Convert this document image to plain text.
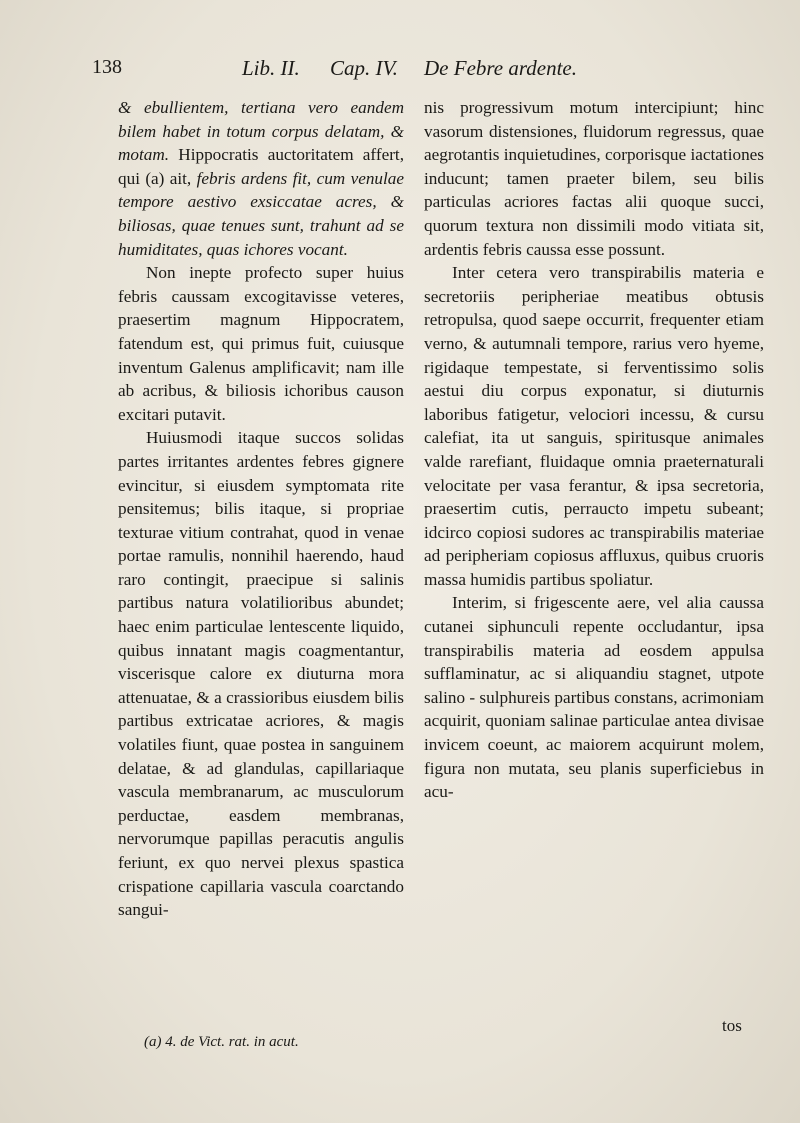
138	Lib. II. Cap. IV. De Febre ardente.

& ebullientem, tertiana vero eandem bilem habet in totum corpus delatam, & motam. Hippocratis auctoritatem affert, qui (a) ait, febris ardens fit, cum venulae tempore aestivo exsiccatae acres, & biliosas, quae tenues sunt, trahunt ad se humiditates, quas ichores vocant.

Non inepte profecto super huius febris caussam excogitavisse veteres, praesertim magnum Hippocratem, fatendum est, qui primus fuit, cuiusque inventum Galenus amplificavit; nam ille ab acribus, & biliosis ichoribus causon excitari putavit.

Huiusmodi itaque succos solidas partes irritantes ardentes febres gignere evincitur, si eiusdem symptomata rite pensitemus; bilis itaque, si propriae texturae vitium contrahat, quod in venae portae ramulis, nonnihil haerendo, haud raro contingit, praecipue si salinis partibus natura volatilioribus abundet; haec enim particulae lentescente liquido, quibus innatant magis coagmentantur, viscerisque calore ex diuturna mora attenuatae, & a crassioribus eiusdem bilis partibus extricatae acriores, & magis volatiles fiunt, quae postea in sanguinem delatae, & ad glandulas, capillariaque vascula membranarum, ac musculorum perductae, easdem membranas, nervorumque papillas peracutis angulis feriunt, ex quo nervei plexus spastica crispatione capillaria vascula coarctando sangui-

nis progressivum motum intercipiunt; hinc vasorum distensiones, fluidorum regressus, quae aegrotantis inquietudines, corporisque iactationes inducunt; tamen praeter bilem, seu bilis particulas acriores factas alii quoque succi, quorum textura non dissimili modo vitiata sit, ardentis febris caussa esse possunt.

Inter cetera vero transpirabilis materia e secretoriis peripheriae meatibus obtusis retropulsa, quod saepe occurrit, frequenter etiam verno, & autumnali tempore, rarius vero hyeme, rigidaque tempestate, si ferventissimo solis aestui diu corpus exponatur, si diuturnis laboribus fatigetur, velociori incessu, & cursu calefiat, ita ut sanguis, spiritusque animales valde rarefiant, fluidaque omnia praeternaturali velocitate per vasa ferantur, & ipsa secretoria, praesertim cutis, perraucto impetu subeant; idcirco copiosi sudores ac transpirabilis materiae ad peripheriam copiosus affluxus, quibus cruoris massa humidis partibus spoliatur.

Interim, si frigescente aere, vel alia caussa cutanei siphunculi repente occludantur, ipsa transpirabilis materia ad eosdem appulsa sufflaminatur, ac si aliquandiu stagnet, utpote salino - sulphureis partibus constans, acrimoniam acquirit, quoniam salinae particulae antea divisae invicem coeunt, ac maiorem acquirunt molem, figura non mutata, seu planis superficiebus in acu-

tos
(a) 4. de Vict. rat. in acut.
